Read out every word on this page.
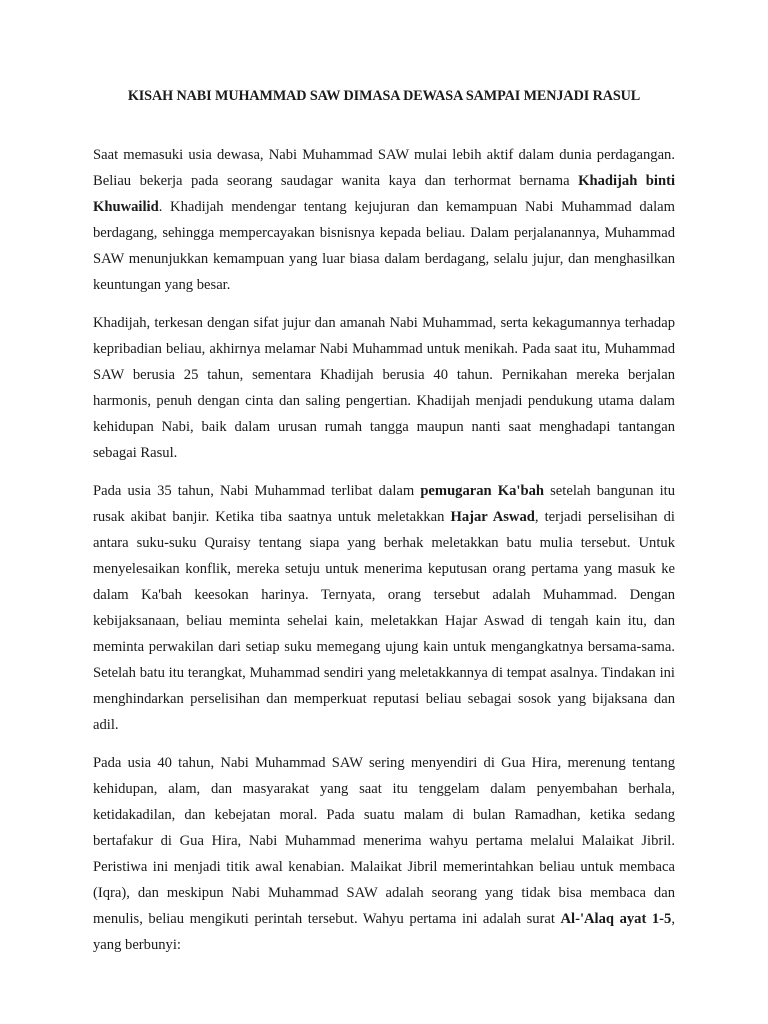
KISAH NABI MUHAMMAD SAW DIMASA DEWASA SAMPAI MENJADI RASUL

Saat memasuki usia dewasa, Nabi Muhammad SAW mulai lebih aktif dalam dunia perdagangan. Beliau bekerja pada seorang saudagar wanita kaya dan terhormat bernama Khadijah binti Khuwailid. Khadijah mendengar tentang kejujuran dan kemampuan Nabi Muhammad dalam berdagang, sehingga mempercayakan bisnisnya kepada beliau. Dalam perjalanannya, Muhammad SAW menunjukkan kemampuan yang luar biasa dalam berdagang, selalu jujur, dan menghasilkan keuntungan yang besar.

Khadijah, terkesan dengan sifat jujur dan amanah Nabi Muhammad, serta kekagumannya terhadap kepribadian beliau, akhirnya melamar Nabi Muhammad untuk menikah. Pada saat itu, Muhammad SAW berusia 25 tahun, sementara Khadijah berusia 40 tahun. Pernikahan mereka berjalan harmonis, penuh dengan cinta dan saling pengertian. Khadijah menjadi pendukung utama dalam kehidupan Nabi, baik dalam urusan rumah tangga maupun nanti saat menghadapi tantangan sebagai Rasul.

Pada usia 35 tahun, Nabi Muhammad terlibat dalam pemugaran Ka'bah setelah bangunan itu rusak akibat banjir. Ketika tiba saatnya untuk meletakkan Hajar Aswad, terjadi perselisihan di antara suku-suku Quraisy tentang siapa yang berhak meletakkan batu mulia tersebut. Untuk menyelesaikan konflik, mereka setuju untuk menerima keputusan orang pertama yang masuk ke dalam Ka'bah keesokan harinya. Ternyata, orang tersebut adalah Muhammad. Dengan kebijaksanaan, beliau meminta sehelai kain, meletakkan Hajar Aswad di tengah kain itu, dan meminta perwakilan dari setiap suku memegang ujung kain untuk mengangkatnya bersama-sama. Setelah batu itu terangkat, Muhammad sendiri yang meletakkannya di tempat asalnya. Tindakan ini menghindarkan perselisihan dan memperkuat reputasi beliau sebagai sosok yang bijaksana dan adil.

Pada usia 40 tahun, Nabi Muhammad SAW sering menyendiri di Gua Hira, merenung tentang kehidupan, alam, dan masyarakat yang saat itu tenggelam dalam penyembahan berhala, ketidakadilan, dan kebejatan moral. Pada suatu malam di bulan Ramadhan, ketika sedang bertafakur di Gua Hira, Nabi Muhammad menerima wahyu pertama melalui Malaikat Jibril. Peristiwa ini menjadi titik awal kenabian. Malaikat Jibril memerintahkan beliau untuk membaca (Iqra), dan meskipun Nabi Muhammad SAW adalah seorang yang tidak bisa membaca dan menulis, beliau mengikuti perintah tersebut. Wahyu pertama ini adalah surat Al-'Alaq ayat 1-5, yang berbunyi:
